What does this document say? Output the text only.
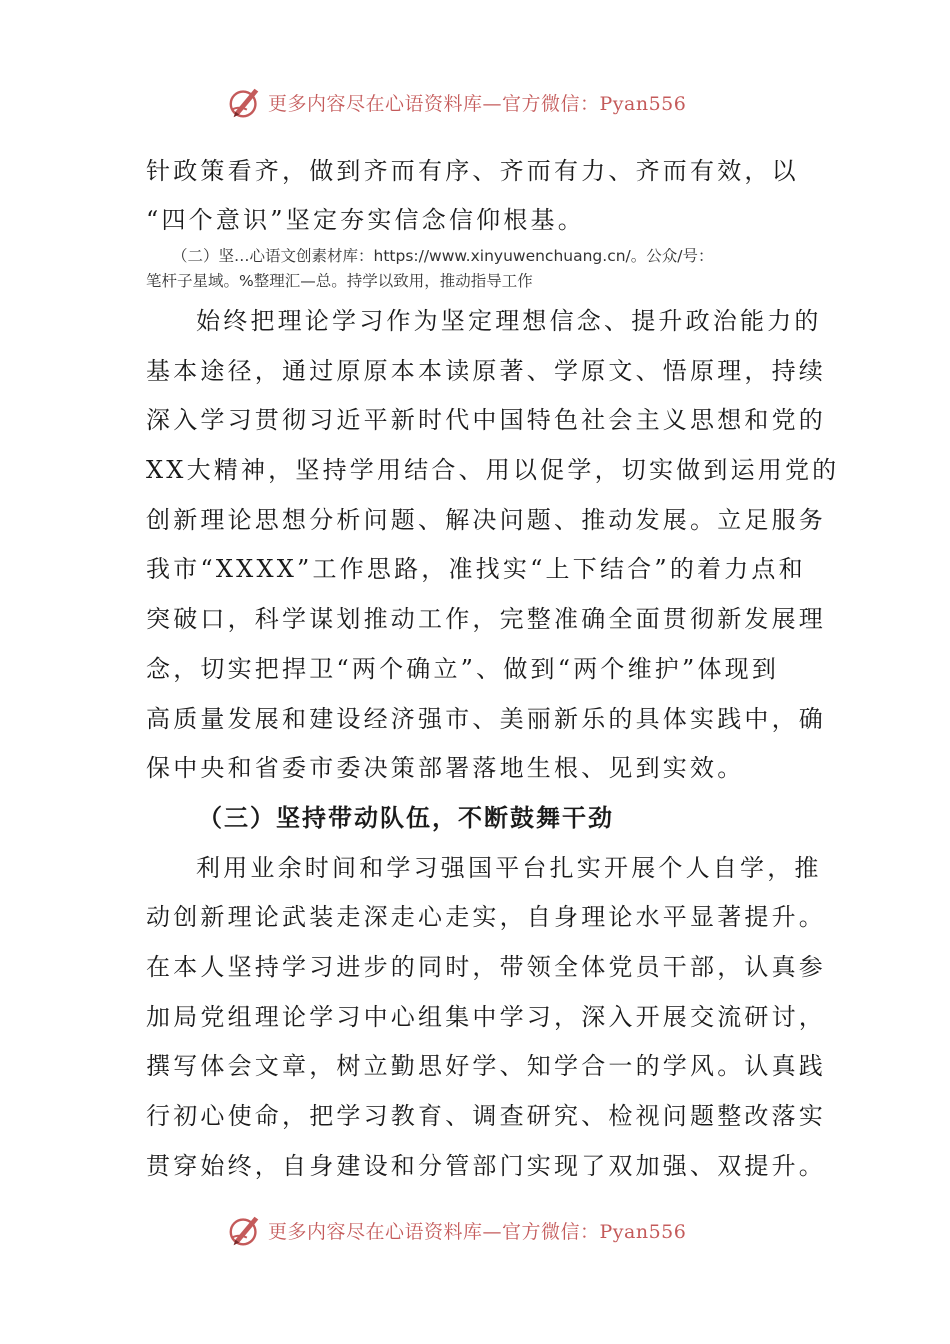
更多内容尽在心语资料库—官方微信：Pyan556
针政策看齐，做到齐而有序、齐而有力、齐而有效，以
“四个意识”坚定夯实信念信仰根基。
（二）坚…心语文创素材库：https://www.xinyuwenchuang.cn/。公众/号：
笔杆子星域。%整理汇—总。持学以致用，推动指导工作
始终把理论学习作为坚定理想信念、提升政治能力的
基本途径，通过原原本本读原著、学原文、悟原理，持续
深入学习贯彻习近平新时代中国特色社会主义思想和党的
XX大精神，坚持学用结合、用以促学，切实做到运用党的
创新理论思想分析问题、解决问题、推动发展。立足服务
我市“XXXX”工作思路，准找实“上下结合”的着力点和
突破口，科学谋划推动工作，完整准确全面贯彻新发展理
念，切实把捍卫“两个确立”、做到“两个维护”体现到
高质量发展和建设经济强市、美丽新乐的具体实践中，确
保中央和省委市委决策部署落地生根、见到实效。
（三）坚持带动队伍，不断鼓舞干劲
利用业余时间和学习强国平台扎实开展个人自学，推
动创新理论武装走深走心走实，自身理论水平显著提升。
在本人坚持学习进步的同时，带领全体党员干部，认真参
加局党组理论学习中心组集中学习，深入开展交流研讨，
撰写体会文章，树立勤思好学、知学合一的学风。认真践
行初心使命，把学习教育、调查研究、检视问题整改落实
贯穿始终，自身建设和分管部门实现了双加强、双提升。
更多内容尽在心语资料库—官方微信：Pyan556
